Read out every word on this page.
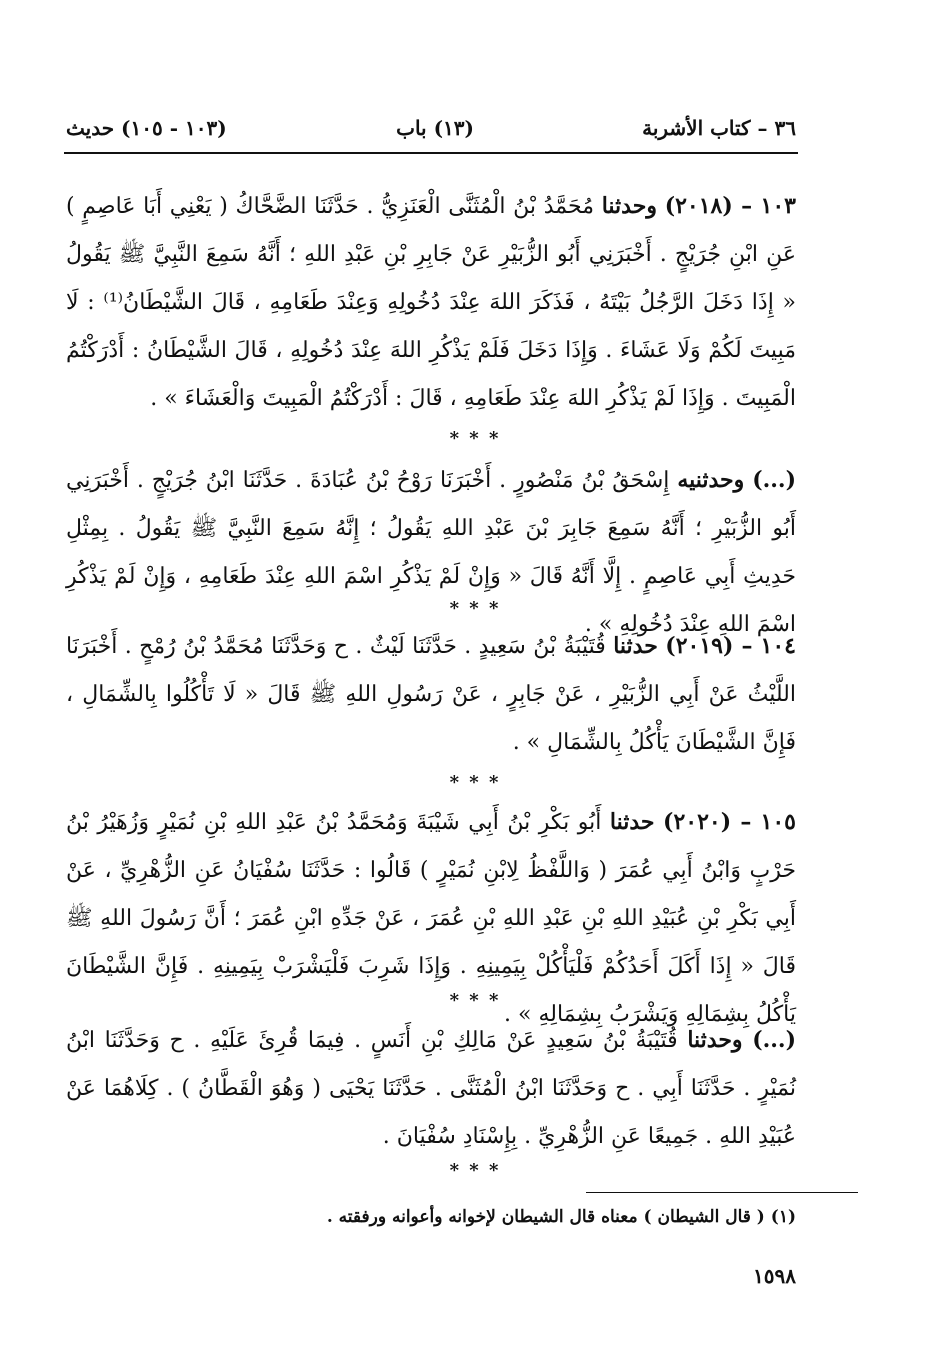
٣٦ – كتاب الأشربة
(١٣) باب
(١٠٣ - ١٠٥) حديث

١٠٣ – (٢٠١٨) وحدثنا مُحَمَّدُ بْنُ الْمُثَنَّى الْعَنَزِيُّ . حَدَّثَنَا الضَّحَّاكُ ( يَعْنِي أَبَا عَاصِمٍ ) عَنِ ابْنِ جُرَيْجٍ . أَخْبَرَنِي أَبُو الزُّبَيْرِ عَنْ جَابِرِ بْنِ عَبْدِ اللهِ ؛ أَنَّهُ سَمِعَ النَّبِيَّ ﷺ يَقُولُ « إِذَا دَخَلَ الرَّجُلُ بَيْتَهُ ، فَذَكَرَ اللهَ عِنْدَ دُخُولِهِ وَعِنْدَ طَعَامِهِ ، قَالَ الشَّيْطَانُ⁽¹⁾ : لَا مَبِيتَ لَكُمْ وَلَا عَشَاءَ . وَإِذَا دَخَلَ فَلَمْ يَذْكُرِ اللهَ عِنْدَ دُخُولِهِ ، قَالَ الشَّيْطَانُ : أَدْرَكْتُمُ الْمَبِيتَ . وَإِذَا لَمْ يَذْكُرِ اللهَ عِنْدَ طَعَامِهِ ، قَالَ : أَدْرَكْتُمُ الْمَبِيتَ وَالْعَشَاءَ » .

* * *

(...) وحدثنيه إِسْحَقُ بْنُ مَنْصُورٍ . أَخْبَرَنَا رَوْحُ بْنُ عُبَادَةَ . حَدَّثَنَا ابْنُ جُرَيْجٍ . أَخْبَرَنِي أَبُو الزُّبَيْرِ ؛ أَنَّهُ سَمِعَ جَابِرَ بْنَ عَبْدِ اللهِ يَقُولُ ؛ إِنَّهُ سَمِعَ النَّبِيَّ ﷺ يَقُولُ . بِمِثْلِ حَدِيثِ أَبِي عَاصِمٍ . إِلَّا أَنَّهُ قَالَ « وَإِنْ لَمْ يَذْكُرِ اسْمَ اللهِ عِنْدَ طَعَامِهِ ، وَإِنْ لَمْ يَذْكُرِ اسْمَ اللهِ عِنْدَ دُخُولِهِ » .

* * *

١٠٤ – (٢٠١٩) حدثنا قُتَيْبَةُ بْنُ سَعِيدٍ . حَدَّثَنَا لَيْثٌ . ح وَحَدَّثَنَا مُحَمَّدُ بْنُ رُمْحٍ . أَخْبَرَنَا اللَّيْثُ عَنْ أَبِي الزُّبَيْرِ ، عَنْ جَابِرٍ ، عَنْ رَسُولِ اللهِ ﷺ قَالَ « لَا تَأْكُلُوا بِالشِّمَالِ ، فَإِنَّ الشَّيْطَانَ يَأْكُلُ بِالشِّمَالِ » .

* * *

١٠٥ – (٢٠٢٠) حدثنا أَبُو بَكْرِ بْنُ أَبِي شَيْبَةَ وَمُحَمَّدُ بْنُ عَبْدِ اللهِ بْنِ نُمَيْرٍ وَزُهَيْرُ بْنُ حَرْبٍ وَابْنُ أَبِي عُمَرَ ( وَاللَّفْظُ لِابْنِ نُمَيْرٍ ) قَالُوا : حَدَّثَنَا سُفْيَانُ عَنِ الزُّهْرِيِّ ، عَنْ أَبِي بَكْرِ بْنِ عُبَيْدِ اللهِ بْنِ عَبْدِ اللهِ بْنِ عُمَرَ ، عَنْ جَدِّهِ ابْنِ عُمَرَ ؛ أَنَّ رَسُولَ اللهِ ﷺ قَالَ « إِذَا أَكَلَ أَحَدُكُمْ فَلْيَأْكُلْ بِيَمِينِهِ . وَإِذَا شَرِبَ فَلْيَشْرَبْ بِيَمِينِهِ . فَإِنَّ الشَّيْطَانَ يَأْكُلُ بِشِمَالِهِ وَيَشْرَبُ بِشِمَالِهِ » .

* * *

(...) وحدثنا قُتَيْبَةُ بْنُ سَعِيدٍ عَنْ مَالِكِ بْنِ أَنَسٍ . فِيمَا قُرِئَ عَلَيْهِ . ح وَحَدَّثَنَا ابْنُ نُمَيْرٍ . حَدَّثَنَا أَبِي . ح وَحَدَّثَنَا ابْنُ الْمُثَنَّى . حَدَّثَنَا يَحْيَى ( وَهُوَ الْقَطَّانُ ) . كِلَاهُمَا عَنْ عُبَيْدِ اللهِ . جَمِيعًا عَنِ الزُّهْرِيِّ . بِإِسْنَادِ سُفْيَانَ .

* * *
(١) ( قال الشيطان ) معناه قال الشيطان لإخوانه وأعوانه ورفقته .
١٥٩٨
